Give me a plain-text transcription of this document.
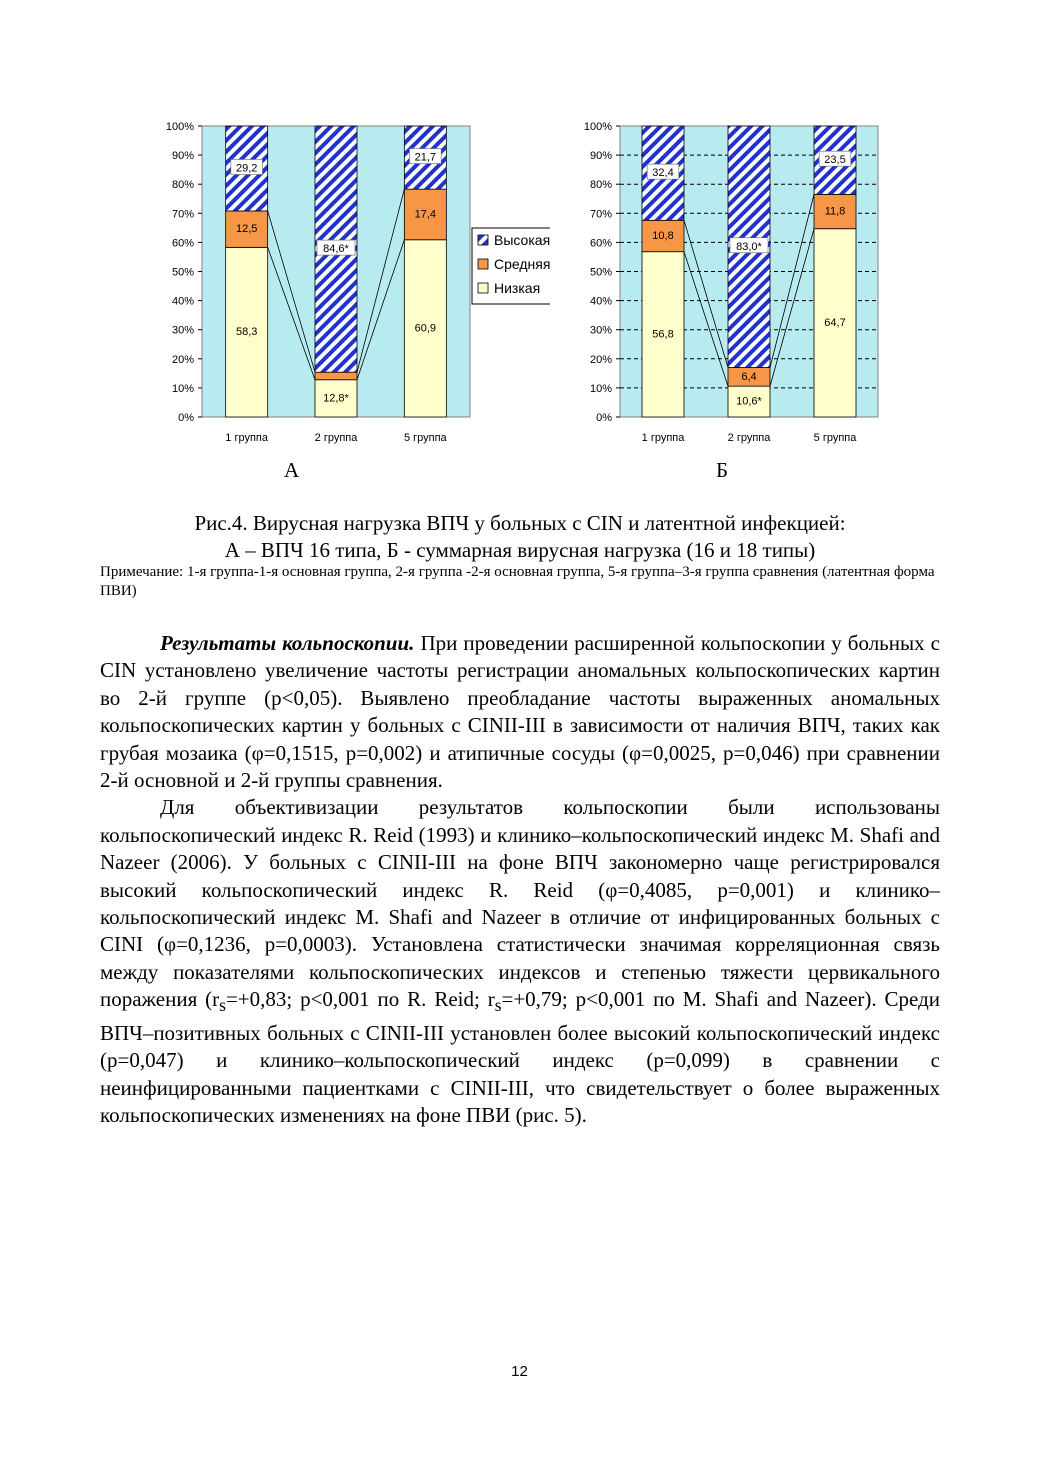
0%
10%
20%
30%
40%
50%
60%
70%
80%
90%
100%
1 группа	2 группа	5 группа
58,3
12,5
29,2
12,8*
84,6*
60,9
17,4
21,7
Высокая
Средняя
Низкая
0%
10%
20%
30%
40%
50%
60%
70%
80%
90%
100%
1 группа	2 группа	5 группа
56,8
10,8
32,4
10,6*
6,4
83,0*
64,7
11,8
23,5
А	Б
Рис.4. Вирусная нагрузка ВПЧ у больных с CIN и латентной инфекцией:
А – ВПЧ 16 типа, Б - суммарная вирусная нагрузка (16 и 18 типы)
Примечание: 1-я группа-1-я основная группа, 2-я группа -2-я основная группа, 5-я группа–3-я группа сравнения (латентная форма ПВИ)

Результаты кольпоскопии. При проведении расширенной кольпоскопии у больных с CIN установлено увеличение частоты регистрации аномальных кольпоскопических картин во 2-й группе (р<0,05). Выявлено преобладание частоты выраженных аномальных кольпоскопических картин у больных с CINII-III в зависимости от наличия ВПЧ, таких как грубая мозаика (φ=0,1515, р=0,002) и атипичные сосуды (φ=0,0025, р=0,046) при сравнении 2-й основной и 2-й группы сравнения.

Для объективизации результатов кольпоскопии были использованы кольпоскопический индекс R. Reid (1993) и клинико–кольпоскопический индекс M. Shafi and Nazeer (2006). У больных с CINII-III на фоне ВПЧ закономерно чаще регистрировался высокий кольпоскопический индекс R. Reid (φ=0,4085, р=0,001) и клинико–кольпоскопический индекс M. Shafi and Nazeer в отличие от инфицированных больных с CINI (φ=0,1236, р=0,0003). Установлена статистически значимая корреляционная связь между показателями кольпоскопических индексов и степенью тяжести цервикального поражения ($r_s=+0,83$; р<0,001 по R. Reid; $r_s=+0,79$; р<0,001 по M. Shafi and Nazeer). Среди ВПЧ–позитивных больных с CINII-III установлен более высокий кольпоскопический индекс (р=0,047) и клинико–кольпоскопический индекс (р=0,099) в сравнении с неинфицированными пациентками с CINII-III, что свидетельствует о более выраженных кольпоскопических изменениях на фоне ПВИ (рис. 5).

12
